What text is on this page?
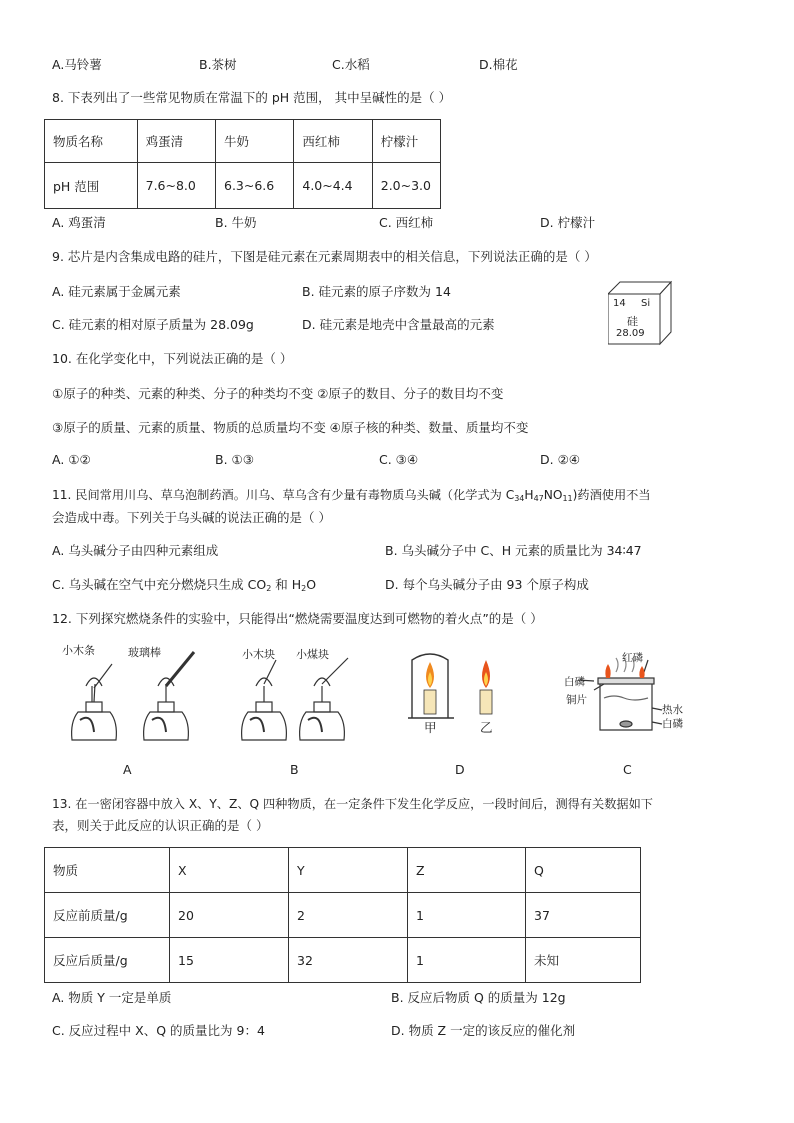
A.马铃薯	B.茶树	C.水稻	D.棉花
8. 下表列出了一些常见物质在常温下的 pH 范围， 其中呈碱性的是（ ）
物质名称	鸡蛋清	牛奶	西红柿	柠檬汁
pH 范围	7.6~8.0	6.3~6.6	4.0~4.4	2.0~3.0
A. 鸡蛋清	B. 牛奶	C. 西红柿	D. 柠檬汁
9. 芯片是内含集成电路的硅片，下图是硅元素在元素周期表中的相关信息，下列说法正确的是（ ）
A. 硅元素属于金属元素	B. 硅元素的原子序数为 14
C. 硅元素的相对原子质量为 28.09g	D. 硅元素是地壳中含量最高的元素
14 Si
硅
28.09
10. 在化学变化中，下列说法正确的是（ ）
①原子的种类、元素的种类、分子的种类均不变 ②原子的数目、分子的数目均不变
③原子的质量、元素的质量、物质的总质量均不变 ④原子核的种类、数量、质量均不变
A. ①②	B. ①③	C. ③④	D. ②④
11. 民间常用川乌、草乌泡制药酒。川乌、草乌含有少量有毒物质乌头碱（化学式为 $C_{34}H_{47}NO_{11}$)药酒使用不当
会造成中毒。下列关于乌头碱的说法正确的是（ ）
A. 乌头碱分子由四种元素组成	B. 乌头碱分子中 C、H 元素的质量比为 34∶47
C. 乌头碱在空气中充分燃烧只生成 $CO_2$ 和 $H_2O$	D. 每个乌头碱分子由 93 个原子构成
12. 下列探究燃烧条件的实验中，只能得出“燃烧需要温度达到可燃物的着火点”的是（ ）
小木条	玻璃棒
A
小木块 小煤块
B
甲	乙
D
红磷
白磷
铜片
热水
白磷
C
13. 在一密闭容器中放入 X、Y、Z、Q 四种物质，在一定条件下发生化学反应，一段时间后，测得有关数据如下
表，则关于此反应的认识正确的是（ ）
物质	X	Y	Z	Q
反应前质量/g	20	2	1	37
反应后质量/g	15	32	1	未知
A. 物质 Y 一定是单质	B. 反应后物质 Q 的质量为 12g
C. 反应过程中 X、Q 的质量比为 9：4	D. 物质 Z 一定的该反应的催化剂
